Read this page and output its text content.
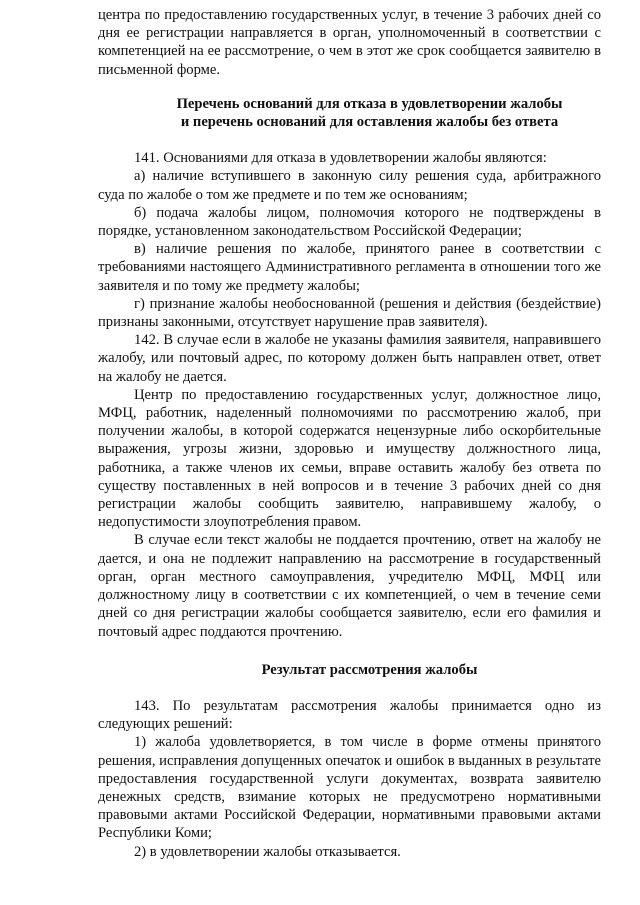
центра по предоставлению государственных услуг, в течение 3 рабочих дней со дня ее регистрации направляется в орган, уполномоченный в соответствии с компетенцией на ее рассмотрение, о чем в этот же срок сообщается заявителю в письменной форме.

Перечень оснований для отказа в удовлетворении жалобы
и перечень оснований для оставления жалобы без ответа

141. Основаниями для отказа в удовлетворении жалобы являются:

а) наличие вступившего в законную силу решения суда, арбитражного суда по жалобе о том же предмете и по тем же основаниям;

б) подача жалобы лицом, полномочия которого не подтверждены в порядке, установленном законодательством Российской Федерации;

в) наличие решения по жалобе, принятого ранее в соответствии с требованиями настоящего Административного регламента в отношении того же заявителя и по тому же предмету жалобы;

г) признание жалобы необоснованной (решения и действия (бездействие) признаны законными, отсутствует нарушение прав заявителя).

142. В случае если в жалобе не указаны фамилия заявителя, направившего жалобу, или почтовый адрес, по которому должен быть направлен ответ, ответ на жалобу не дается.

Центр по предоставлению государственных услуг, должностное лицо, МФЦ, работник, наделенный полномочиями по рассмотрению жалоб, при получении жалобы, в которой содержатся нецензурные либо оскорбительные выражения, угрозы жизни, здоровью и имуществу должностного лица, работника, а также членов их семьи, вправе оставить жалобу без ответа по существу поставленных в ней вопросов и в течение 3 рабочих дней со дня регистрации жалобы сообщить заявителю, направившему жалобу, о недопустимости злоупотребления правом.

В случае если текст жалобы не поддается прочтению, ответ на жалобу не дается, и она не подлежит направлению на рассмотрение в государственный орган, орган местного самоуправления, учредителю МФЦ, МФЦ или должностному лицу в соответствии с их компетенцией, о чем в течение семи дней со дня регистрации жалобы сообщается заявителю, если его фамилия и почтовый адрес поддаются прочтению.

Результат рассмотрения жалобы

143. По результатам рассмотрения жалобы принимается одно из следующих решений:

1) жалоба удовлетворяется, в том числе в форме отмены принятого решения, исправления допущенных опечаток и ошибок в выданных в результате предоставления государственной услуги документах, возврата заявителю денежных средств, взимание которых не предусмотрено нормативными правовыми актами Российской Федерации, нормативными правовыми актами Республики Коми;

2) в удовлетворении жалобы отказывается.
